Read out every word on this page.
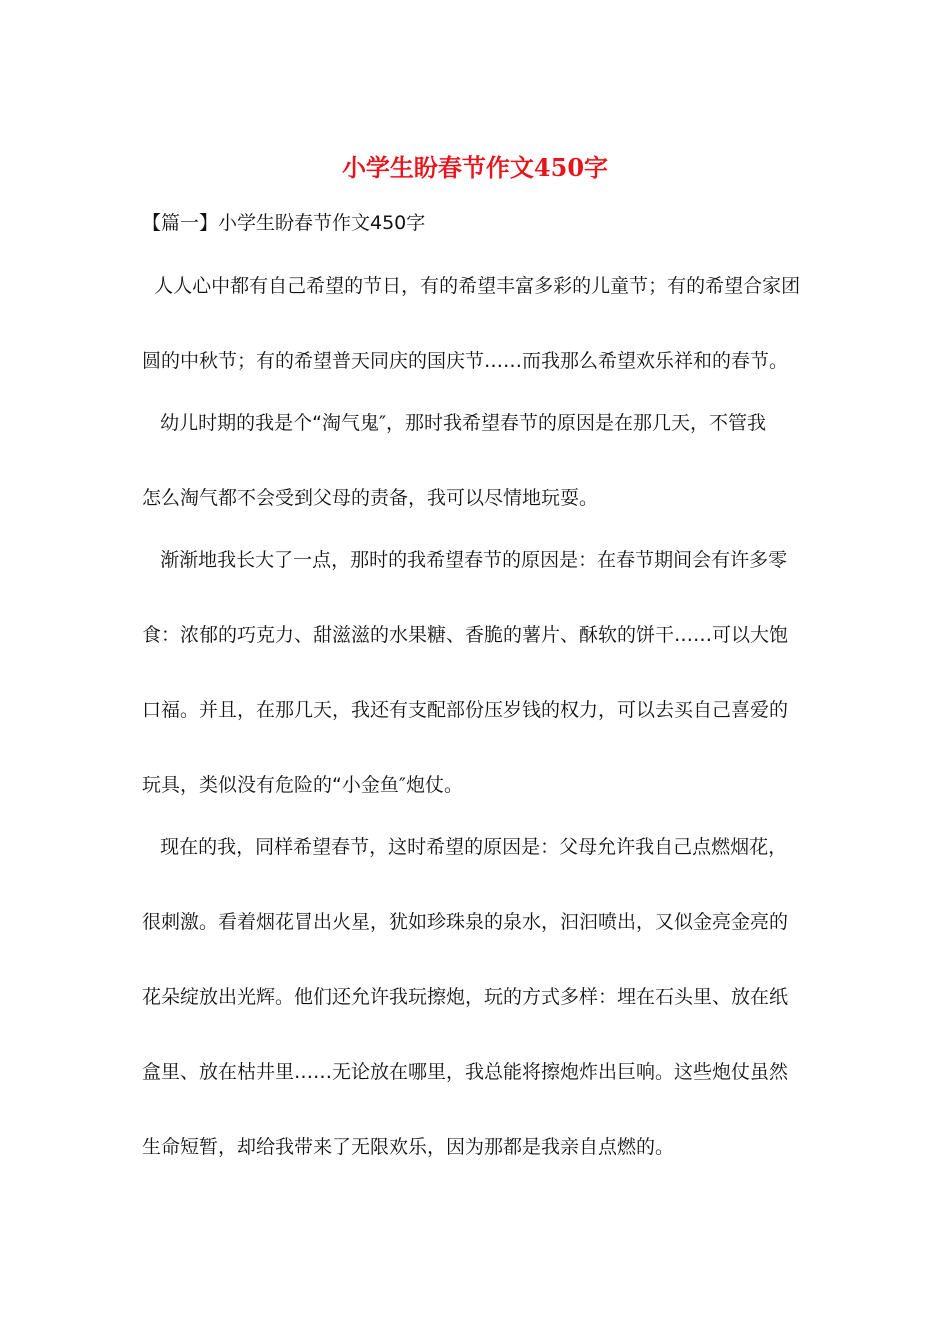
小学生盼春节作文450字

【篇一】小学生盼春节作文450字

人人心中都有自己希望的节日，有的希望丰富多彩的儿童节；有的希望合家团

圆的中秋节；有的希望普天同庆的国庆节……而我那么希望欢乐祥和的春节。

幼儿时期的我是个“淘气鬼″，那时我希望春节的原因是在那几天，不管我

怎么淘气都不会受到父母的责备，我可以尽情地玩耍。

渐渐地我长大了一点，那时的我希望春节的原因是：在春节期间会有许多零

食：浓郁的巧克力、甜滋滋的水果糖、香脆的薯片、酥软的饼干……可以大饱

口福。并且，在那几天，我还有支配部份压岁钱的权力，可以去买自己喜爱的

玩具，类似没有危险的“小金鱼″炮仗。

现在的我，同样希望春节，这时希望的原因是：父母允许我自己点燃烟花，

很刺激。看着烟花冒出火星，犹如珍珠泉的泉水，汩汩喷出，又似金亮金亮的

花朵绽放出光辉。他们还允许我玩擦炮，玩的方式多样：埋在石头里、放在纸

盒里、放在枯井里……无论放在哪里，我总能将擦炮炸出巨响。这些炮仗虽然

生命短暂，却给我带来了无限欢乐，因为那都是我亲自点燃的。
